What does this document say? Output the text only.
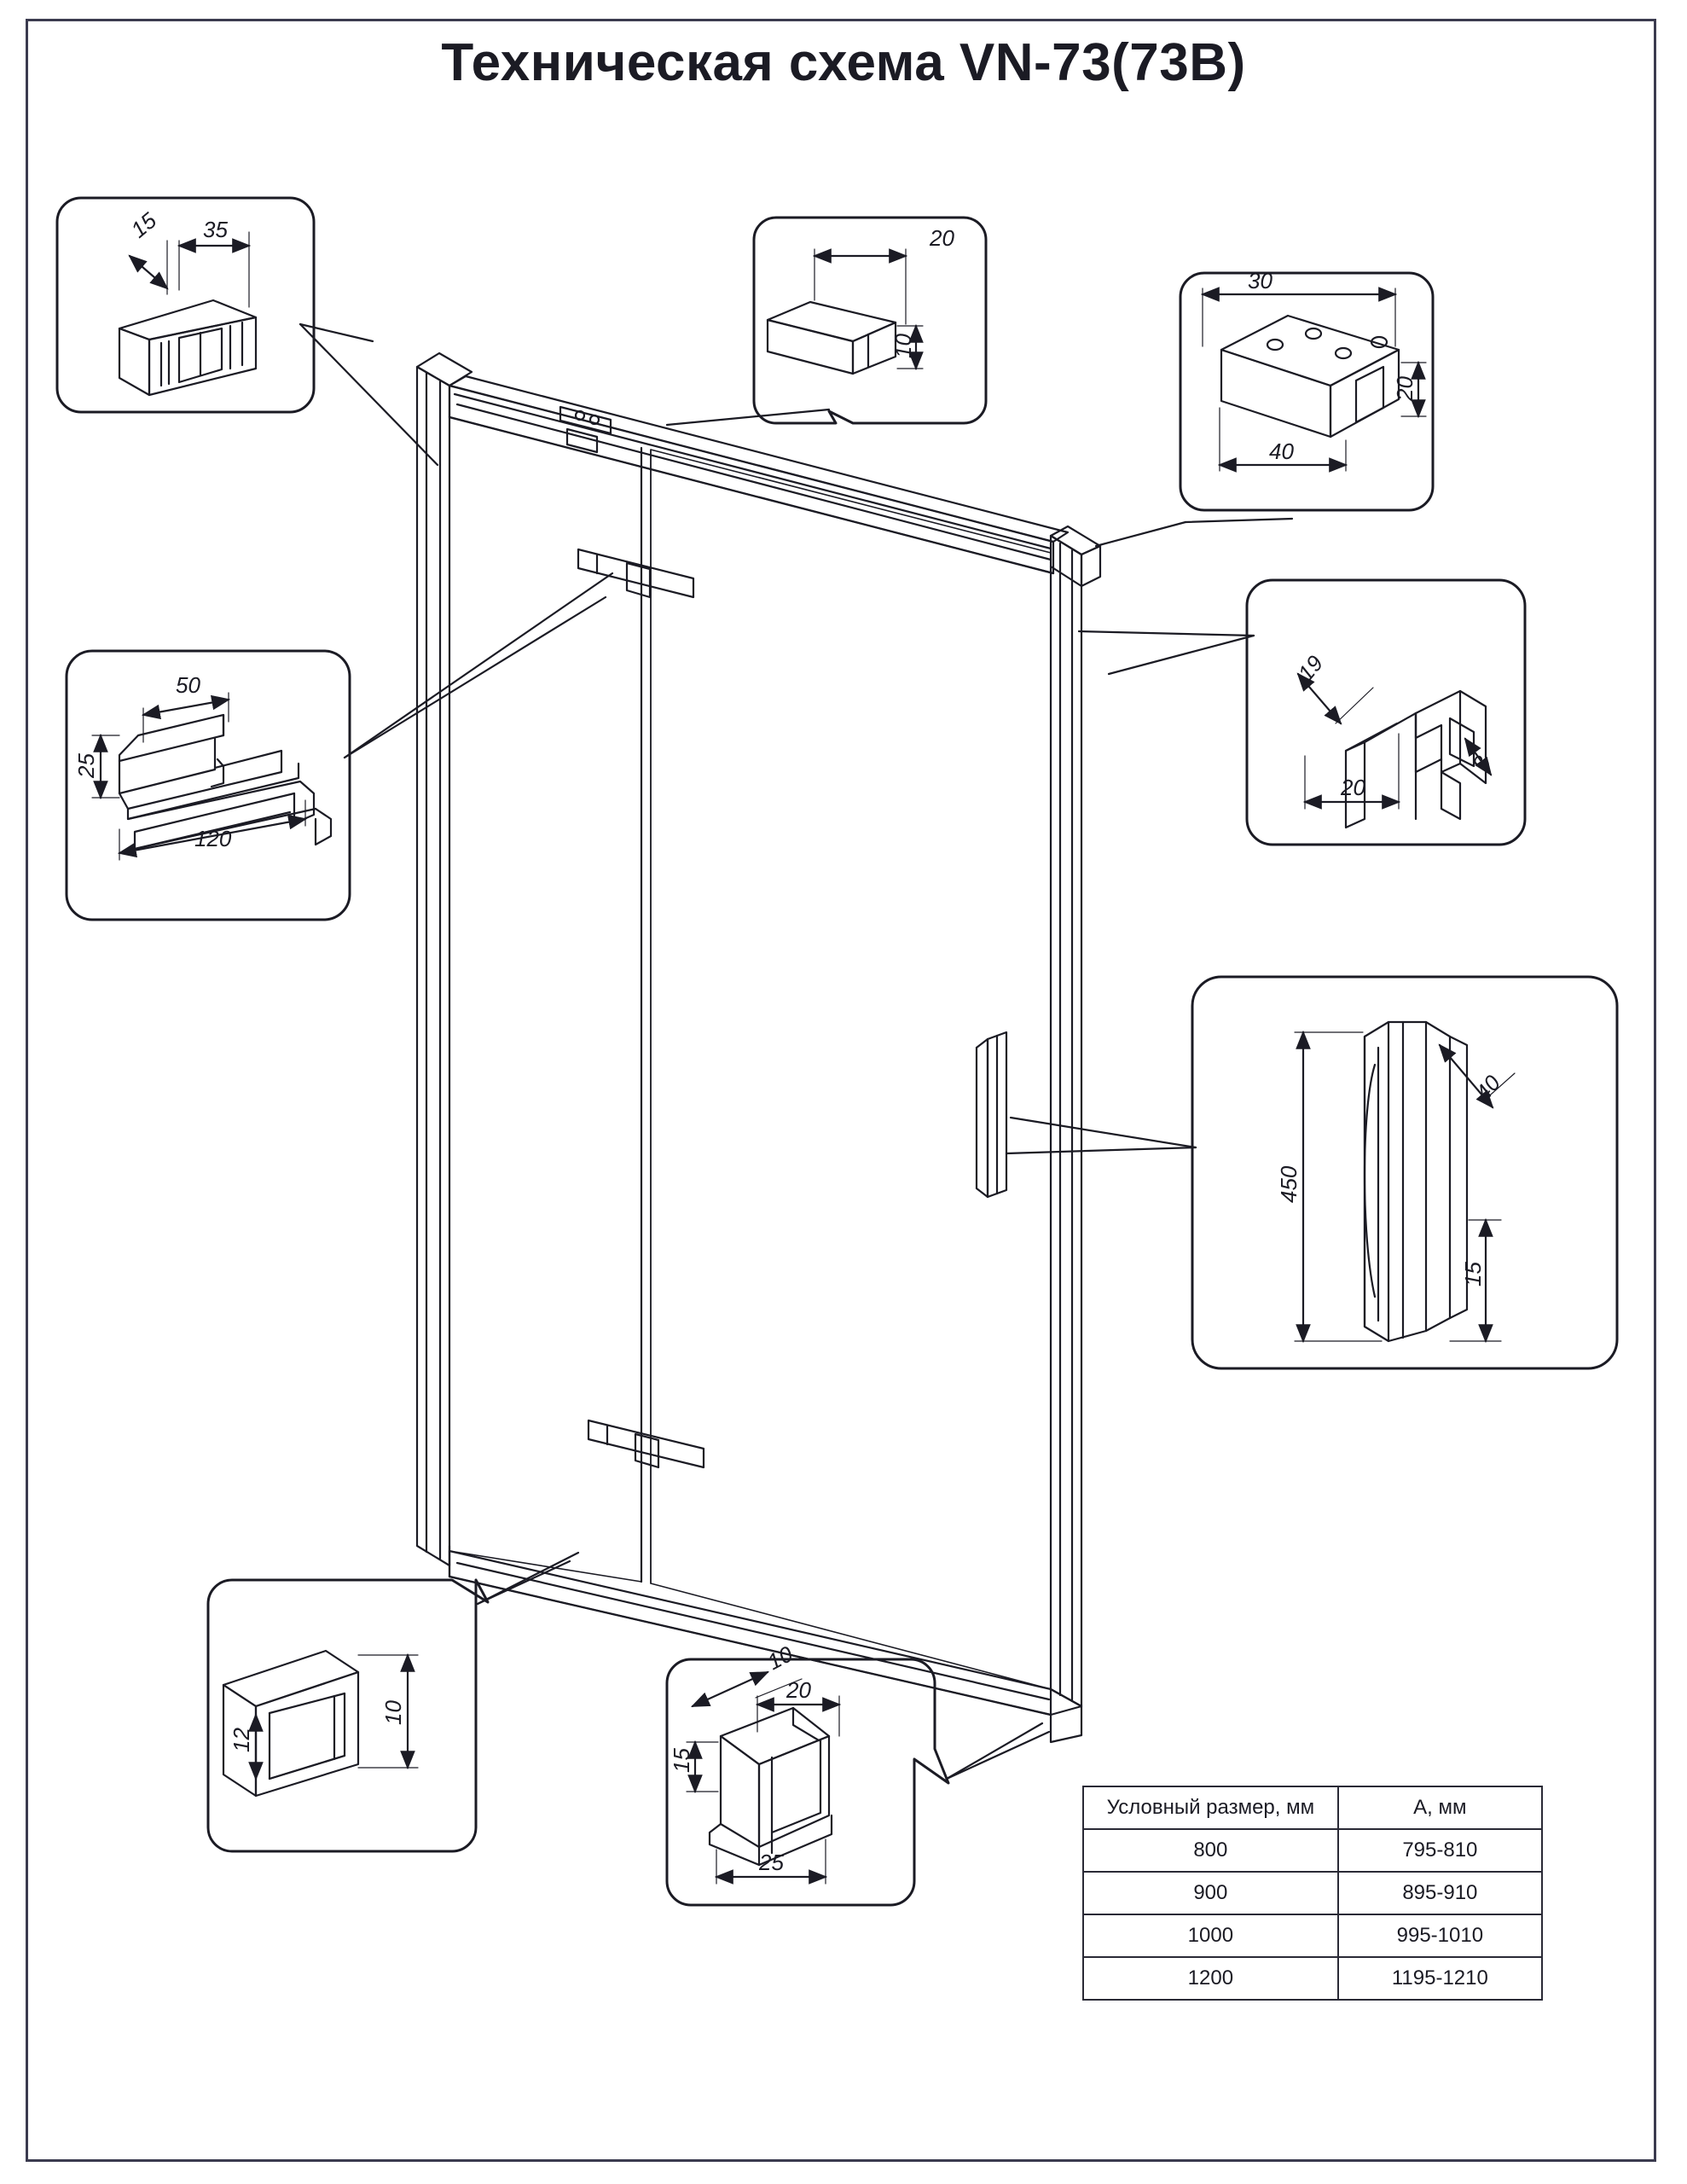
Техническая схема VN-73(73B)
15 35	20
10
30
20
40
19
20
8
50
25
120
450
40
15
12
10
10
20
15
25
Условный размер, мм	А, мм
800	795-810
900	895-910
1000	995-1010
1200	1195-1210
